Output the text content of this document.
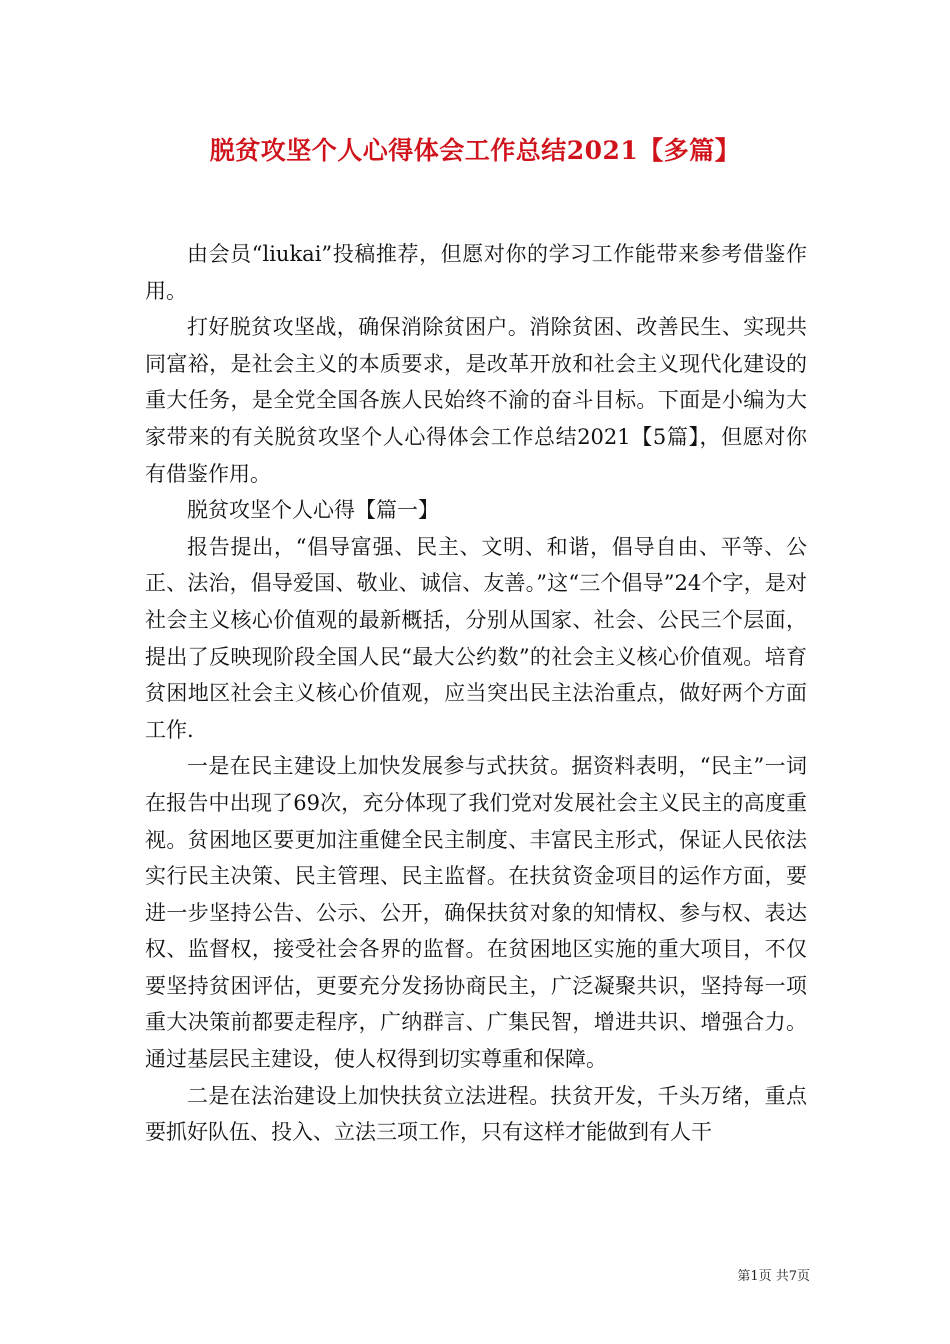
脱贫攻坚个人心得体会工作总结2021【多篇】

由会员“liukai”投稿推荐，但愿对你的学习工作能带来参考借鉴作用。

打好脱贫攻坚战，确保消除贫困户。消除贫困、改善民生、实现共同富裕，是社会主义的本质要求，是改革开放和社会主义现代化建设的重大任务，是全党全国各族人民始终不渝的奋斗目标。下面是小编为大家带来的有关脱贫攻坚个人心得体会工作总结2021【5篇】，但愿对你有借鉴作用。

脱贫攻坚个人心得【篇一】

报告提出，“倡导富强、民主、文明、和谐，倡导自由、平等、公正、法治，倡导爱国、敬业、诚信、友善。”这“三个倡导”24个字，是对社会主义核心价值观的最新概括，分别从国家、社会、公民三个层面，提出了反映现阶段全国人民“最大公约数”的社会主义核心价值观。培育贫困地区社会主义核心价值观，应当突出民主法治重点，做好两个方面工作.

一是在民主建设上加快发展参与式扶贫。据资料表明，“民主”一词在报告中出现了69次，充分体现了我们党对发展社会主义民主的高度重视。贫困地区要更加注重健全民主制度、丰富民主形式，保证人民依法实行民主决策、民主管理、民主监督。在扶贫资金项目的运作方面，要进一步坚持公告、公示、公开，确保扶贫对象的知情权、参与权、表达权、监督权，接受社会各界的监督。在贫困地区实施的重大项目，不仅要坚持贫困评估，更要充分发扬协商民主，广泛凝聚共识，坚持每一项重大决策前都要走程序，广纳群言、广集民智，增进共识、增强合力。通过基层民主建设，使人权得到切实尊重和保障。

二是在法治建设上加快扶贫立法进程。扶贫开发，千头万绪，重点要抓好队伍、投入、立法三项工作，只有这样才能做到有人干

第1页 共7页
